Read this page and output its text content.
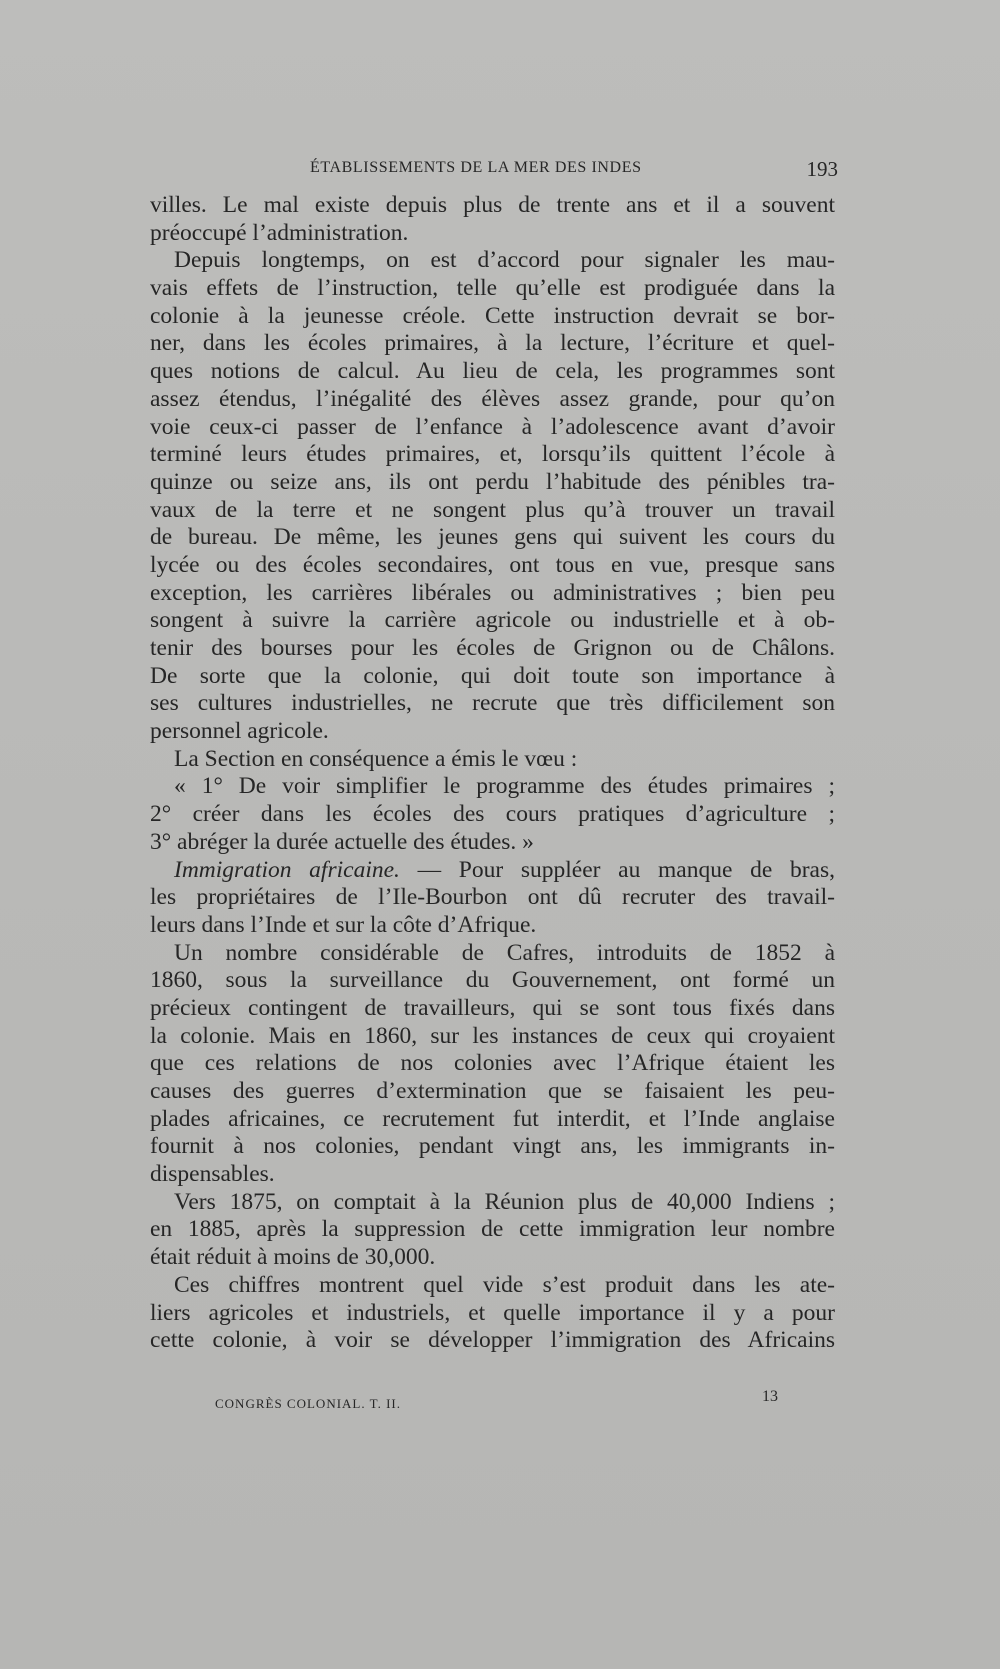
ÉTABLISSEMENTS DE LA MER DES INDES	193
villes. Le mal existe depuis plus de trente ans et il a souvent
préoccupé l’administration.
Depuis longtemps, on est d’accord pour signaler les mau-
vais effets de l’instruction, telle qu’elle est prodiguée dans la
colonie à la jeunesse créole. Cette instruction devrait se bor-
ner, dans les écoles primaires, à la lecture, l’écriture et quel-
ques notions de calcul. Au lieu de cela, les programmes sont
assez étendus, l’inégalité des élèves assez grande, pour qu’on
voie ceux-ci passer de l’enfance à l’adolescence avant d’avoir
terminé leurs études primaires, et, lorsqu’ils quittent l’école à
quinze ou seize ans, ils ont perdu l’habitude des pénibles tra-
vaux de la terre et ne songent plus qu’à trouver un travail
de bureau. De même, les jeunes gens qui suivent les cours du
lycée ou des écoles secondaires, ont tous en vue, presque sans
exception, les carrières libérales ou administratives ; bien peu
songent à suivre la carrière agricole ou industrielle et à ob-
tenir des bourses pour les écoles de Grignon ou de Châlons.
De sorte que la colonie, qui doit toute son importance à
ses cultures industrielles, ne recrute que très difficilement son
personnel agricole.
La Section en conséquence a émis le vœu :
« 1° De voir simplifier le programme des études primaires ;
2° créer dans les écoles des cours pratiques d’agriculture ;
3° abréger la durée actuelle des études. »
Immigration africaine. — Pour suppléer au manque de bras,
les propriétaires de l’Ile-Bourbon ont dû recruter des travail-
leurs dans l’Inde et sur la côte d’Afrique.
Un nombre considérable de Cafres, introduits de 1852 à
1860, sous la surveillance du Gouvernement, ont formé un
précieux contingent de travailleurs, qui se sont tous fixés dans
la colonie. Mais en 1860, sur les instances de ceux qui croyaient
que ces relations de nos colonies avec l’Afrique étaient les
causes des guerres d’extermination que se faisaient les peu-
plades africaines, ce recrutement fut interdit, et l’Inde anglaise
fournit à nos colonies, pendant vingt ans, les immigrants in-
dispensables.
Vers 1875, on comptait à la Réunion plus de 40,000 Indiens ;
en 1885, après la suppression de cette immigration leur nombre
était réduit à moins de 30,000.
Ces chiffres montrent quel vide s’est produit dans les ate-
liers agricoles et industriels, et quelle importance il y a pour
cette colonie, à voir se développer l’immigration des Africains
CONGRÈS COLONIAL. T. II.	13
